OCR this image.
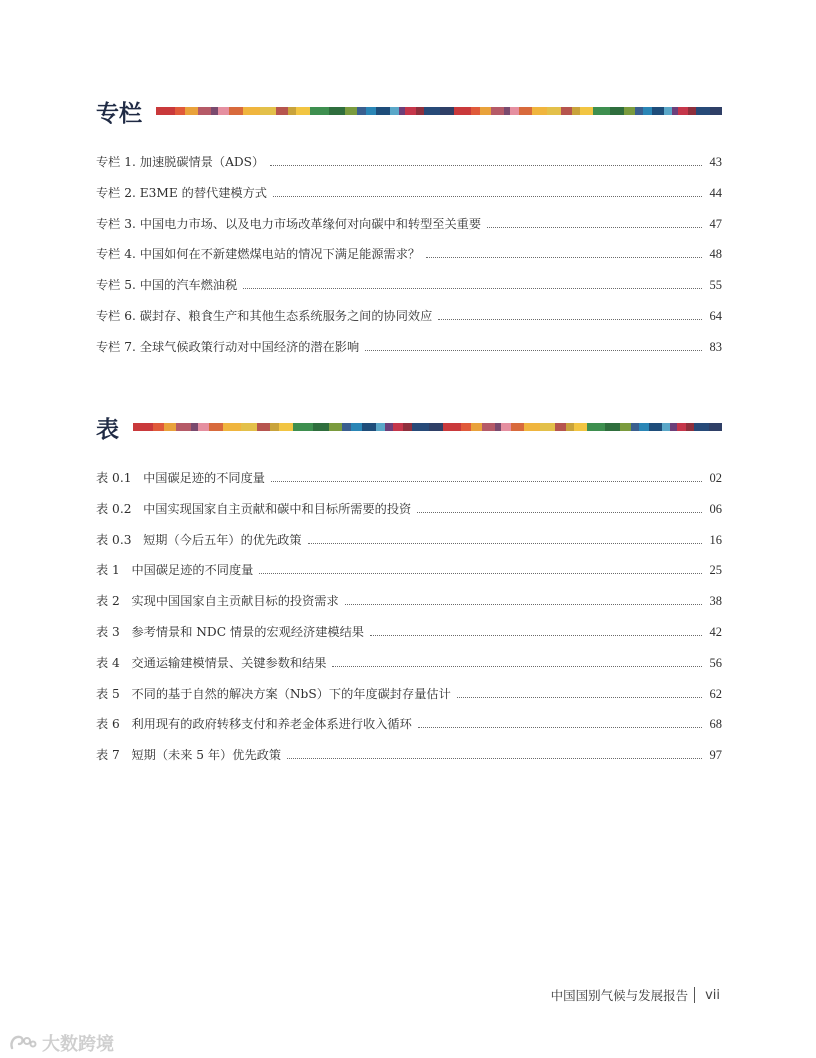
专栏
专栏 1. 加速脱碳情景（ADS）	43
专栏 2. E3ME 的替代建模方式	44
专栏 3. 中国电力市场、以及电力市场改革缘何对向碳中和转型至关重要	47
专栏 4. 中国如何在不新建燃煤电站的情况下满足能源需求？	48
专栏 5. 中国的汽车燃油税	55
专栏 6. 碳封存、粮食生产和其他生态系统服务之间的协同效应	64
专栏 7. 全球气候政策行动对中国经济的潜在影响	83
表
表 0.1 中国碳足迹的不同度量	02
表 0.2 中国实现国家自主贡献和碳中和目标所需要的投资	06
表 0.3 短期（今后五年）的优先政策	16
表 1 中国碳足迹的不同度量	25
表 2 实现中国国家自主贡献目标的投资需求	38
表 3 参考情景和 NDC 情景的宏观经济建模结果	42
表 4 交通运输建模情景、关键参数和结果	56
表 5 不同的基于自然的解决方案（NbS）下的年度碳封存量估计	62
表 6 利用现有的政府转移支付和养老金体系进行收入循环	68
表 7 短期（未来 5 年）优先政策	97
中国国别气候与发展报告 vii
大数跨境
